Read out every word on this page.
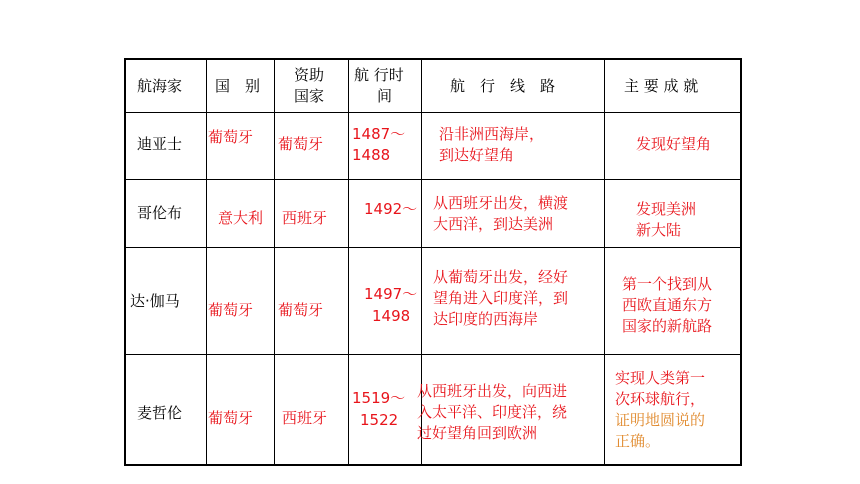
航海家 国　别
资助
国家
航 行时
间
航　行　线　路	主 要 成 就
迪亚士 葡萄牙 葡萄牙
1487～
1488
沿非洲西海岸，
到达好望角
发现好望角
哥伦布 意大利 西班牙 1492～ 从西班牙出发，横渡
大西洋，到达美洲
发现美洲
新大陆
达·伽马 葡萄牙 葡萄牙
1497～
1498
从葡萄牙出发，经好
望角进入印度洋，到
达印度的西海岸
第一个找到从
西欧直通东方
国家的新航路
麦哲伦 葡萄牙 西班牙
1519～
1522
从西班牙出发，向西进
入太平洋、印度洋，绕
过好望角回到欧洲
实现人类第一
次环球航行，
证明地圆说的
正确。
